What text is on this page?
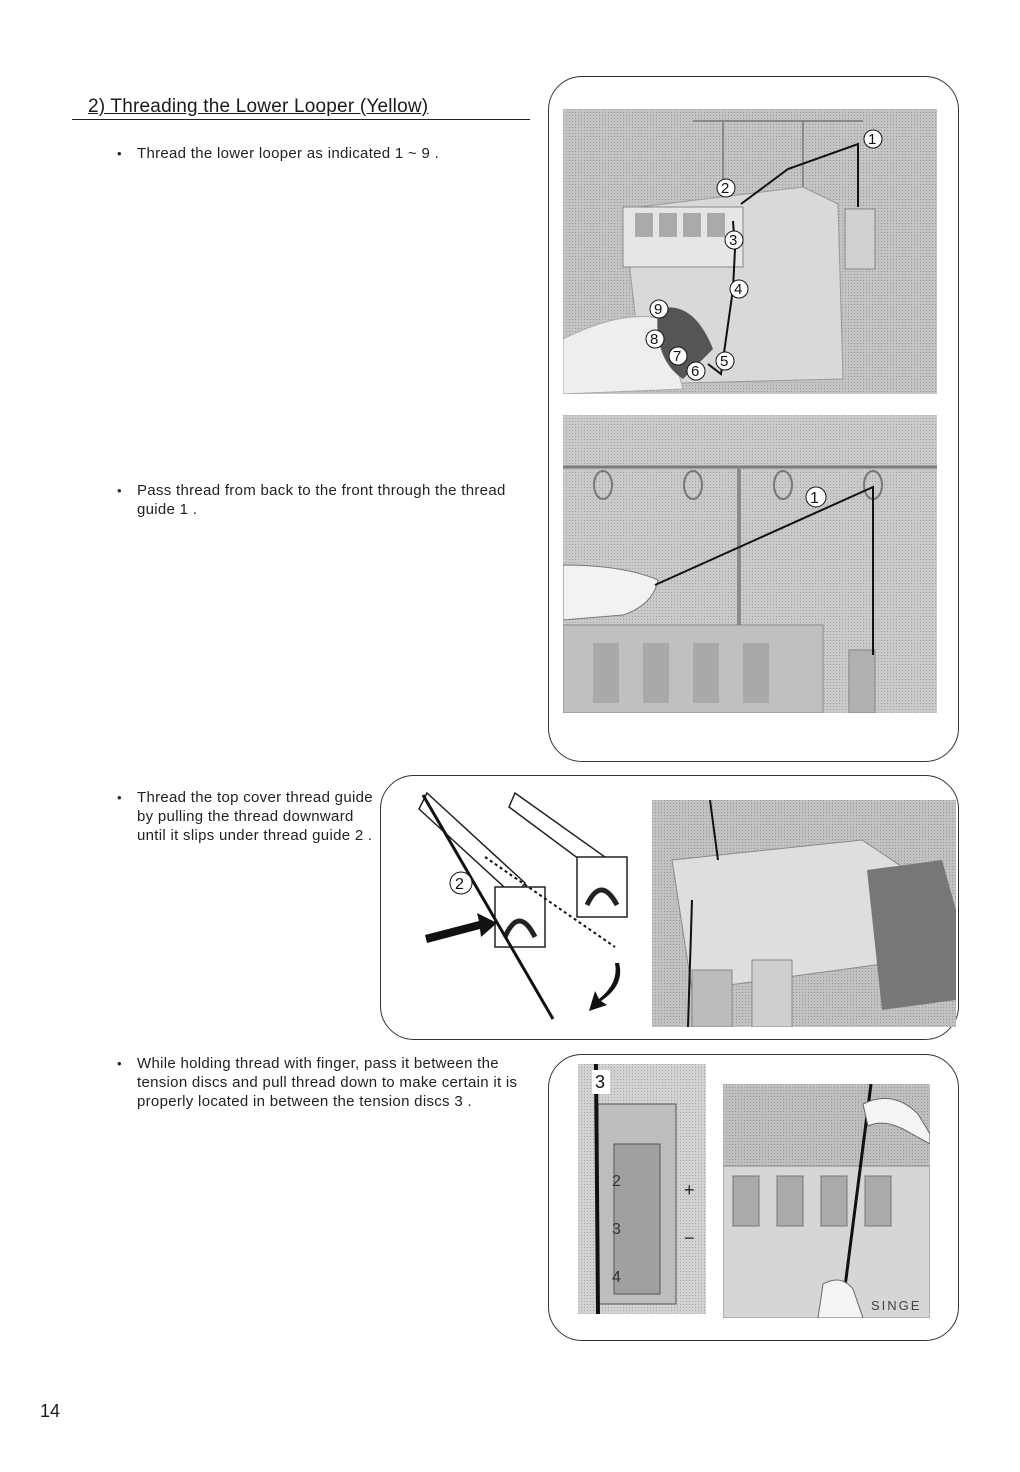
2) Threading the Lower Looper (Yellow)
• Thread the lower looper as indicated 1 ~ 9 .
• Pass thread from back to the front through the thread guide 1 .
• Thread the top cover thread guide by pulling the thread downward until it slips under thread guide 2 .
• While holding thread with finger, pass it between the tension discs and pull thread down to make certain it is properly located in between the tension discs 3 .
1
2
3
4
5
6
7
8
9
1
2
3
2
3
4
+
−
SINGE
14
